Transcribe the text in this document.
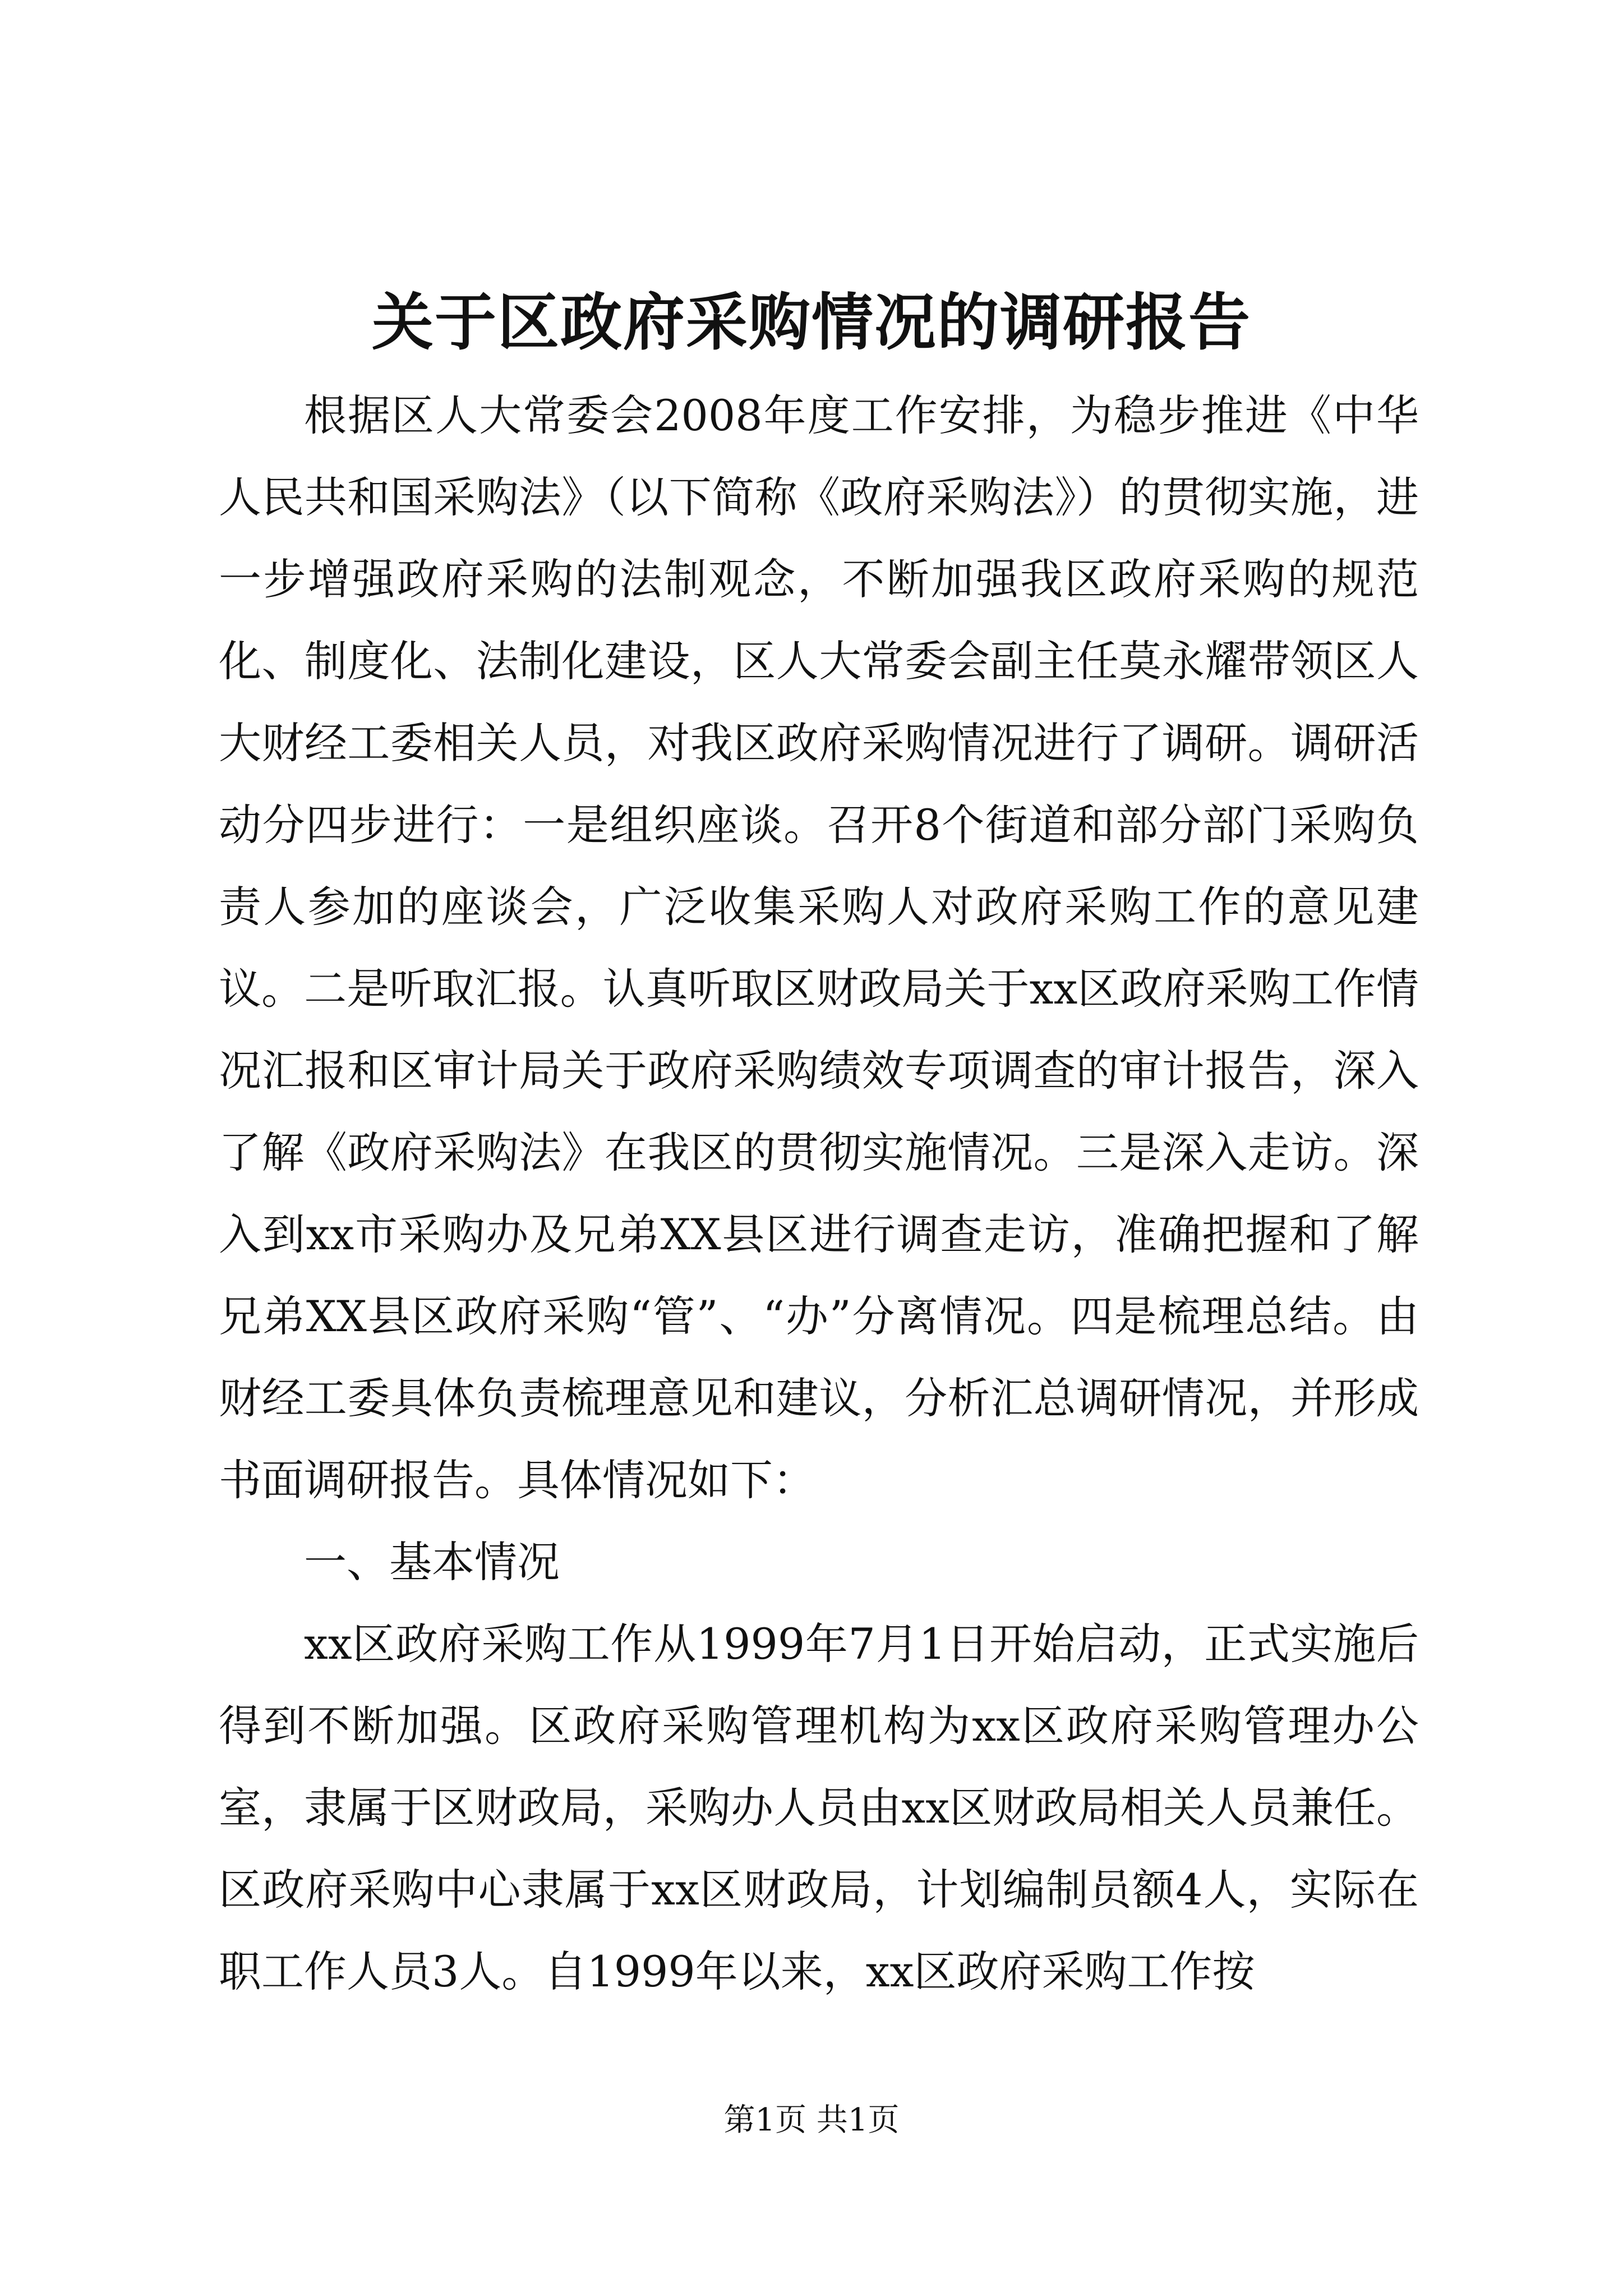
关于区政府采购情况的调研报告

根据区人大常委会2008年度工作安排，为稳步推进《中华人民共和国采购法》（以下简称《政府采购法》）的贯彻实施，进一步增强政府采购的法制观念，不断加强我区政府采购的规范化、制度化、法制化建设，区人大常委会副主任莫永耀带领区人大财经工委相关人员，对我区政府采购情况进行了调研。调研活动分四步进行：一是组织座谈。召开8个街道和部分部门采购负责人参加的座谈会，广泛收集采购人对政府采购工作的意见建议。二是听取汇报。认真听取区财政局关于xx区政府采购工作情况汇报和区审计局关于政府采购绩效专项调查的审计报告，深入了解《政府采购法》在我区的贯彻实施情况。三是深入走访。深入到xx市采购办及兄弟XX县区进行调查走访，准确把握和了解兄弟XX县区政府采购“管”、“办”分离情况。四是梳理总结。由财经工委具体负责梳理意见和建议，分析汇总调研情况，并形成书面调研报告。具体情况如下：

一、基本情况

xx区政府采购工作从1999年7月1日开始启动，正式实施后得到不断加强。区政府采购管理机构为xx区政府采购管理办公室，隶属于区财政局，采购办人员由xx区财政局相关人员兼任。区政府采购中心隶属于xx区财政局，计划编制员额4人，实际在职工作人员3人。自1999年以来，xx区政府采购工作按

第1页 共1页
